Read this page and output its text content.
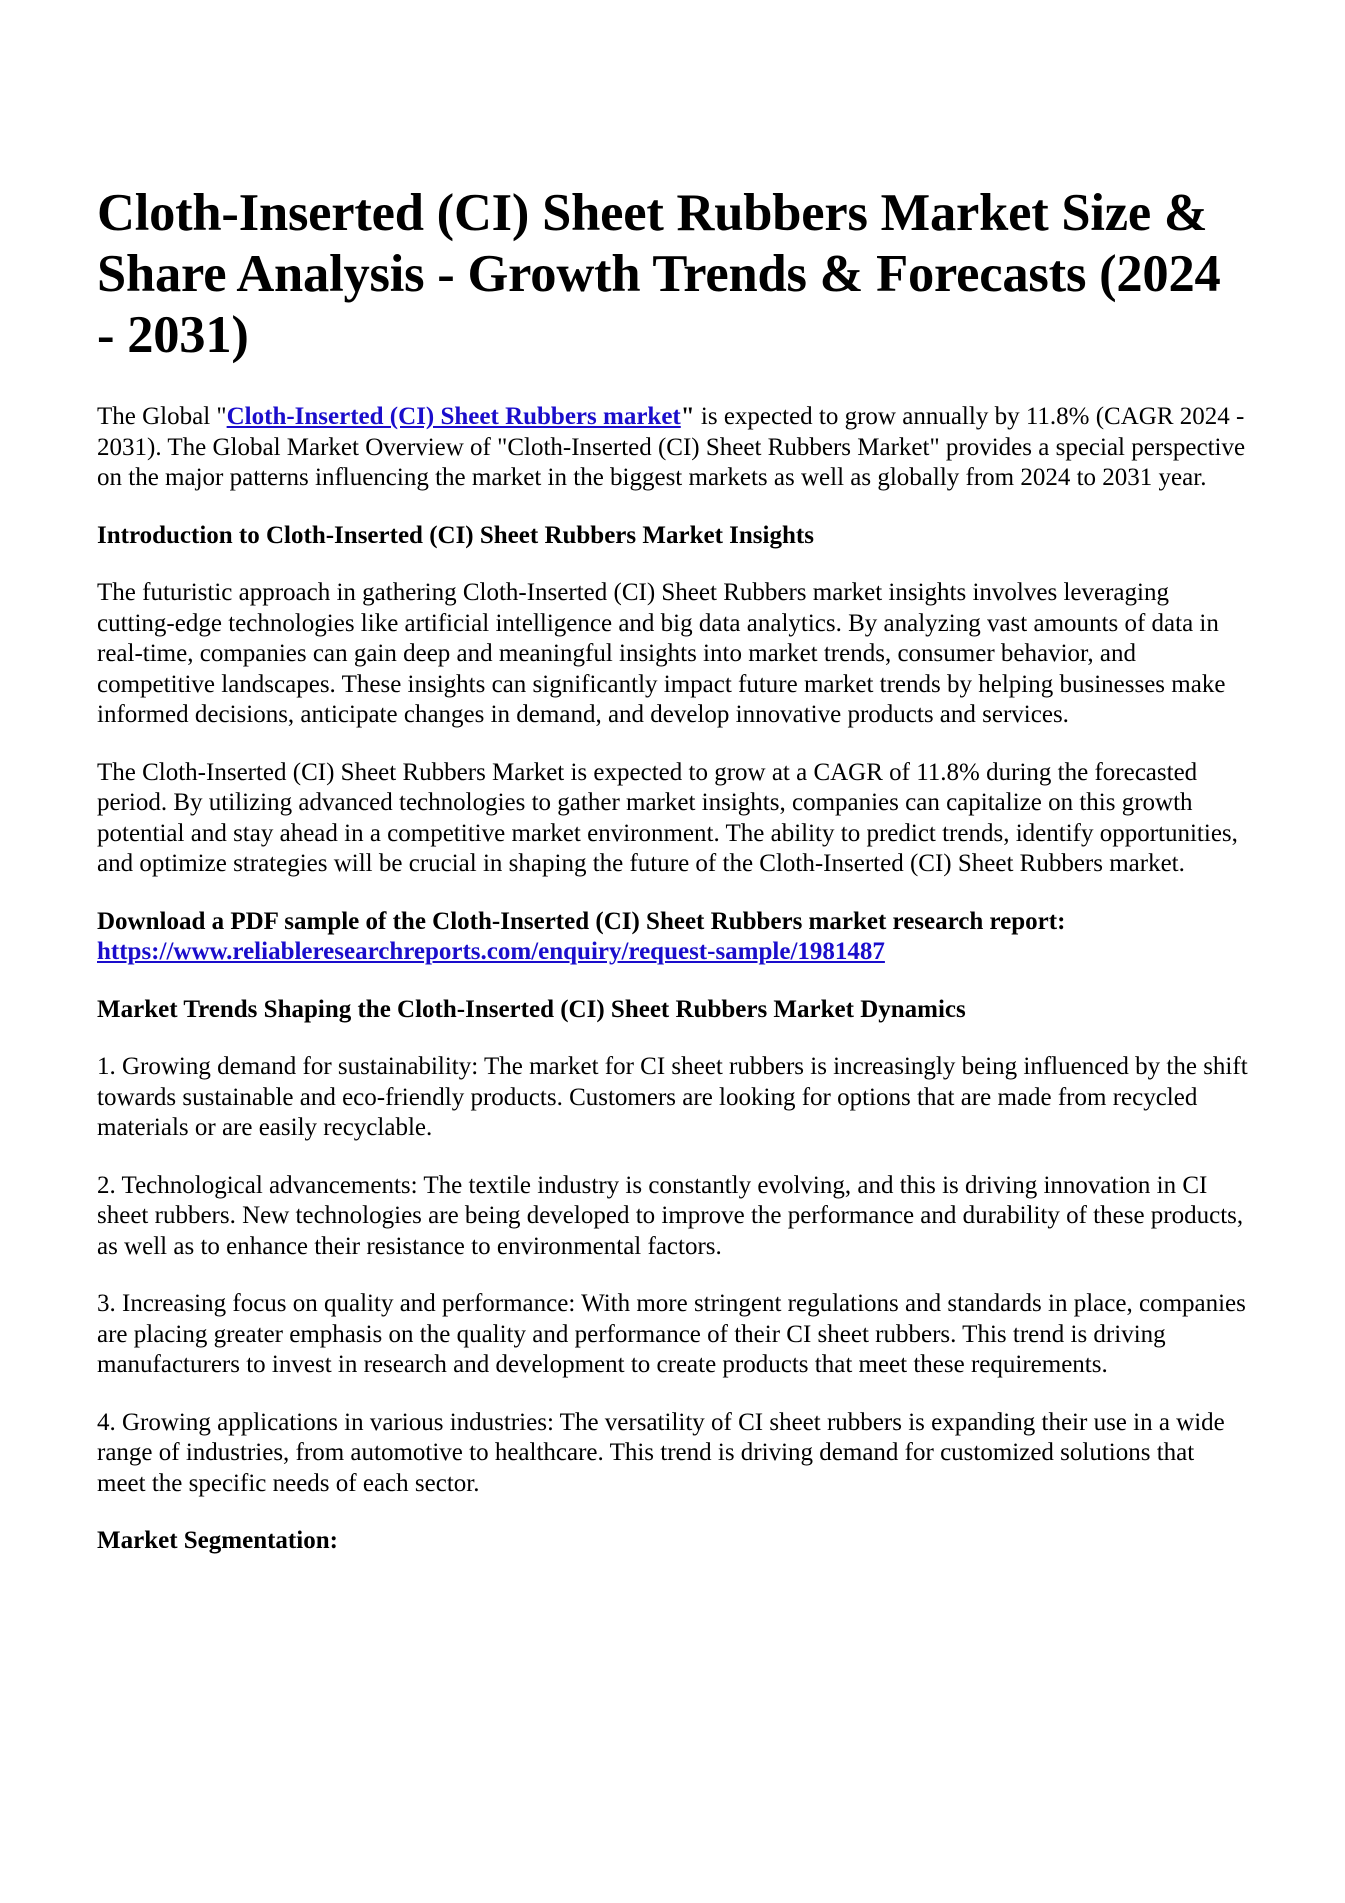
Cloth-Inserted (CI) Sheet Rubbers Market Size & Share Analysis - Growth Trends & Forecasts (2024 - 2031)

The Global "Cloth-Inserted (CI) Sheet Rubbers market" is expected to grow annually by 11.8% (CAGR 2024 - 2031). The Global Market Overview of "Cloth-Inserted (CI) Sheet Rubbers Market" provides a special perspective on the major patterns influencing the market in the biggest markets as well as globally from 2024 to 2031 year.

Introduction to Cloth-Inserted (CI) Sheet Rubbers Market Insights

The futuristic approach in gathering Cloth-Inserted (CI) Sheet Rubbers market insights involves leveraging cutting-edge technologies like artificial intelligence and big data analytics. By analyzing vast amounts of data in real-time, companies can gain deep and meaningful insights into market trends, consumer behavior, and competitive landscapes. These insights can significantly impact future market trends by helping businesses make informed decisions, anticipate changes in demand, and develop innovative products and services.

The Cloth-Inserted (CI) Sheet Rubbers Market is expected to grow at a CAGR of 11.8% during the forecasted period. By utilizing advanced technologies to gather market insights, companies can capitalize on this growth potential and stay ahead in a competitive market environment. The ability to predict trends, identify opportunities, and optimize strategies will be crucial in shaping the future of the Cloth-Inserted (CI) Sheet Rubbers market.

Download a PDF sample of the Cloth-Inserted (CI) Sheet Rubbers market research report:
https://www.reliableresearchreports.com/enquiry/request-sample/1981487

Market Trends Shaping the Cloth-Inserted (CI) Sheet Rubbers Market Dynamics

1. Growing demand for sustainability: The market for CI sheet rubbers is increasingly being influenced by the shift towards sustainable and eco-friendly products. Customers are looking for options that are made from recycled materials or are easily recyclable.

2. Technological advancements: The textile industry is constantly evolving, and this is driving innovation in CI sheet rubbers. New technologies are being developed to improve the performance and durability of these products, as well as to enhance their resistance to environmental factors.

3. Increasing focus on quality and performance: With more stringent regulations and standards in place, companies are placing greater emphasis on the quality and performance of their CI sheet rubbers. This trend is driving manufacturers to invest in research and development to create products that meet these requirements.

4. Growing applications in various industries: The versatility of CI sheet rubbers is expanding their use in a wide range of industries, from automotive to healthcare. This trend is driving demand for customized solutions that meet the specific needs of each sector.

Market Segmentation:
